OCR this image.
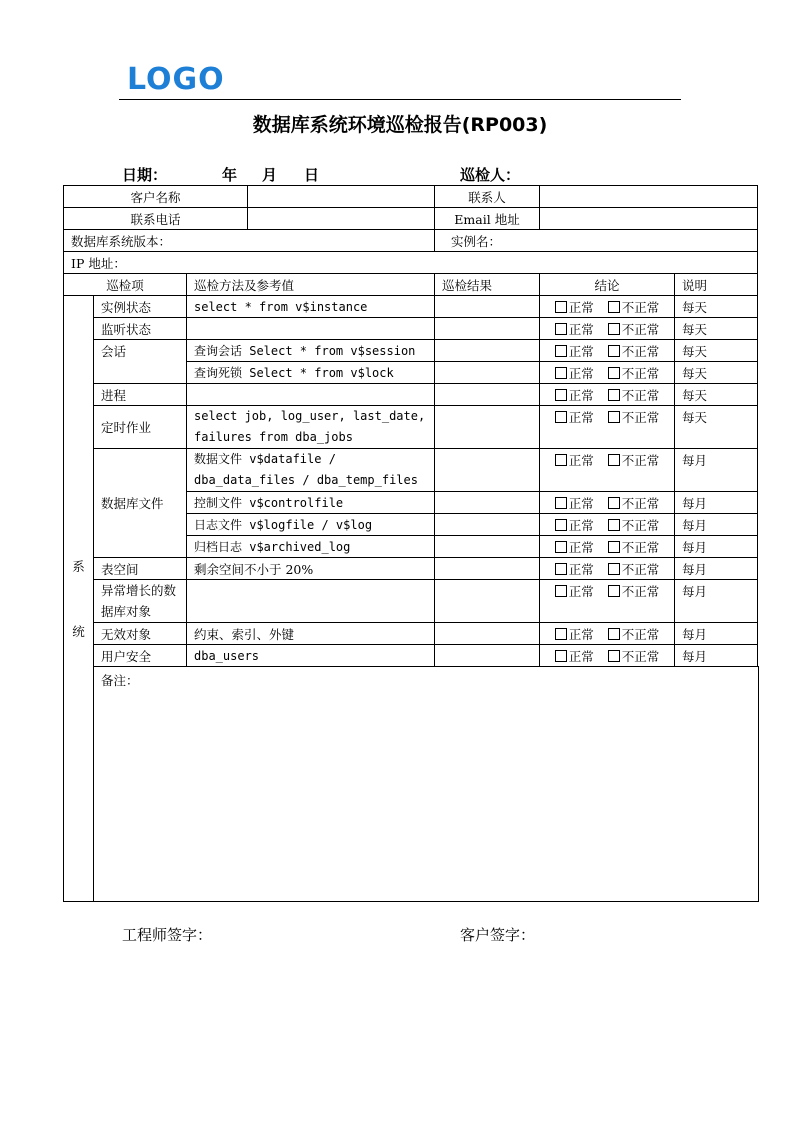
LOGO
数据库系统环境巡检报告(RP003)
日期：	年 月 日	巡检人：
客户名称				联系人		
联系电话				Email 地址		
数据库系统版本：				实例名：		
IP 地址：						
巡检项		巡检方法及参考值		巡检结果	结论	说明

系
统	实例状态	select * from v$instance			正常 不正常	每天
	监听状态				正常 不正常	每天
	会话	查询会话 Select * from v$session			正常 不正常	每天
		查询死锁 Select * from v$lock			正常 不正常	每天
	进程				正常 不正常	每天
	定时作业	select job, log_user, last_date, failures from dba_jobs			正常 不正常	每天
	数据库文件	数据文件 v$datafile / dba_data_files / dba_temp_files			正常 不正常	每月
		控制文件 v$controlfile			正常 不正常	每月
		日志文件 v$logfile / v$log			正常 不正常	每月
		归档日志 v$archived_log			正常 不正常	每月
	表空间	剩余空间不小于 20%			正常 不正常	每月
	异常增长的数据库对象				正常 不正常	每月
	无效对象	约束、索引、外键			正常 不正常	每月
	用户安全	dba_users			正常 不正常	每月
	备注：					
工程师签字：	客户签字：
